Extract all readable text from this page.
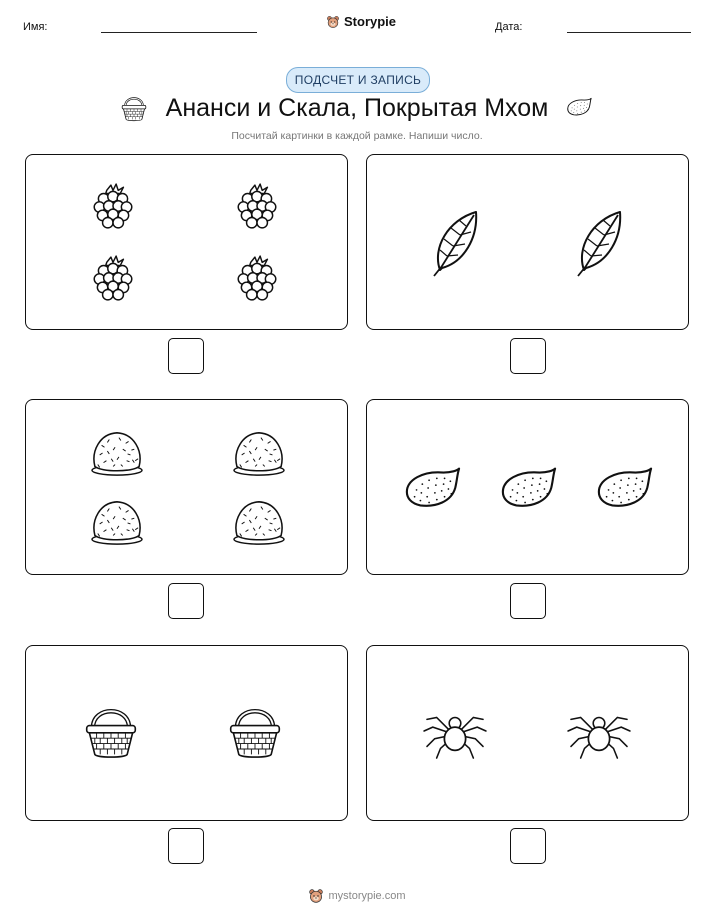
Имя:	Storypie	Дата:
ПОДСЧЕТ И ЗАПИСЬ
Ананси и Скала, Покрытая Мхом
Посчитай картинки в каждой рамке. Напиши число.
mystorypie.com
